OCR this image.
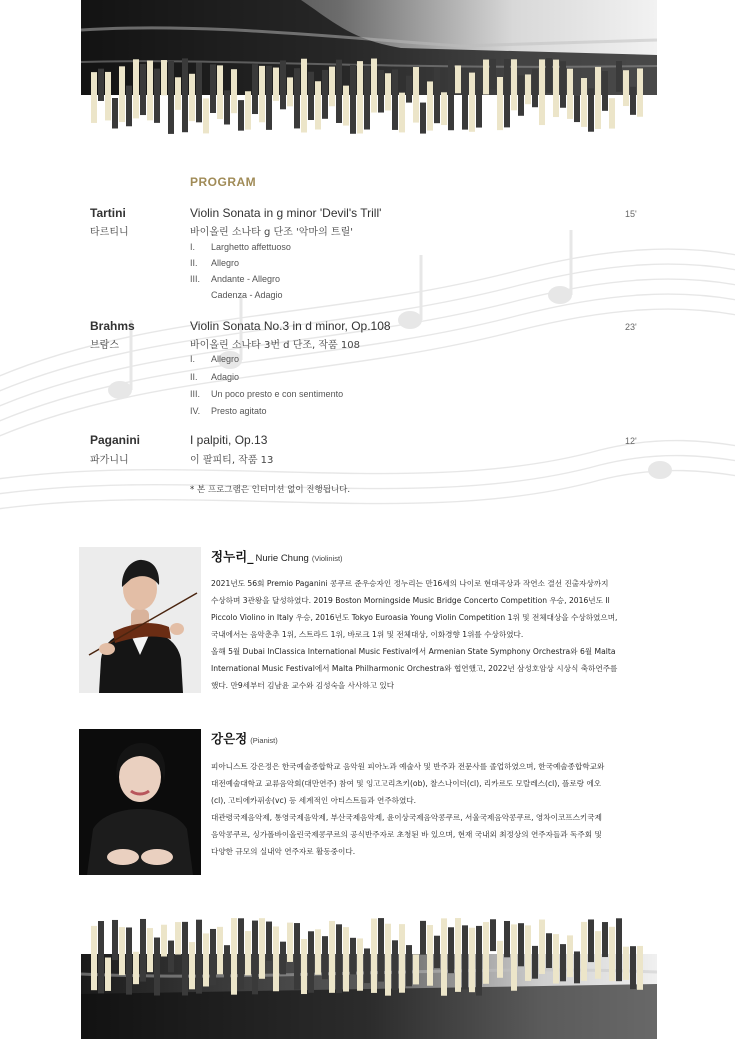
PROGRAM
Tartini
타르티니
Violin Sonata in g minor 'Devil's Trill'
바이올린 소나타 g 단조 '악마의 트릴'
15'
I. Larghetto affettuoso
II. Allegro
III. Andante - Allegro
Cadenza - Adagio
Brahms
브람스
Violin Sonata No.3 in d minor, Op.108
바이올린 소나타 3번 d 단조, 작품 108
23'
I. Allegro
II. Adagio
III. Un poco presto e con sentimento
IV. Presto agitato
Paganini
파가니니
I palpiti, Op.13
이 팔피티, 작품 13
12'
* 본 프로그램은 인터미션 없이 진행됩니다.
정누리_ Nurie Chung (Violinist)
2021년도 56회 Premio Paganini 콩쿠르 준우승자인 정누리는 만16세의 나이로 현대곡상과 작연소 결선 진출자상까지
수상하며 3관왕을 달성하였다. 2019 Boston Morningside Music Bridge Concerto Competition 우승, 2016년도 Il
Piccolo Violino in Italy 우승, 2016년도 Tokyo Euroasia Young Violin Competition 1위 및 전체대상을 수상하였으며,
국내에서는 음악춘추 1위, 스트라드 1위, 바로크 1위 및 전체대상, 이화경향 1위를 수상하였다.
올해 5월 Dubai InClassica International Music Festival에서 Armenian State Symphony Orchestra와 6월 Malta
International Music Festival에서 Malta Philharmonic Orchestra와 협연했고, 2022년 삼성호암상 시상식 축하연주를
했다. 만9세부터 김남윤 교수와 김성숙을 사사하고 있다
강은정 (Pianist)
피아니스트 강은정은 한국예술종합학교 음악원 피아노과 예술사 및 반주과 전문사를 졸업하였으며, 한국예술종합학교와
대전예술대학교 교류음악회(대만연주) 참여 및 잉고고리츠키(ob), 찰스나이더(cl), 리카르도 모랄레스(cl), 플로랑 에오
(cl), 고티에카퓌송(vc) 등 세계적인 아티스트들과 연주하였다.
대관령국제음악제, 통영국제음악제, 부산국제음악제, 윤이상국제음악콩쿠르, 서울국제음악콩쿠르, 영차이코프스키국제
음악콩쿠르, 싱가폴바이올린국제콩쿠르의 공식반주자로 초청된 바 있으며, 현재 국내외 최정상의 연주자들과 독주회 및
다양한 규모의 실내악 연주자로 활동중이다.
